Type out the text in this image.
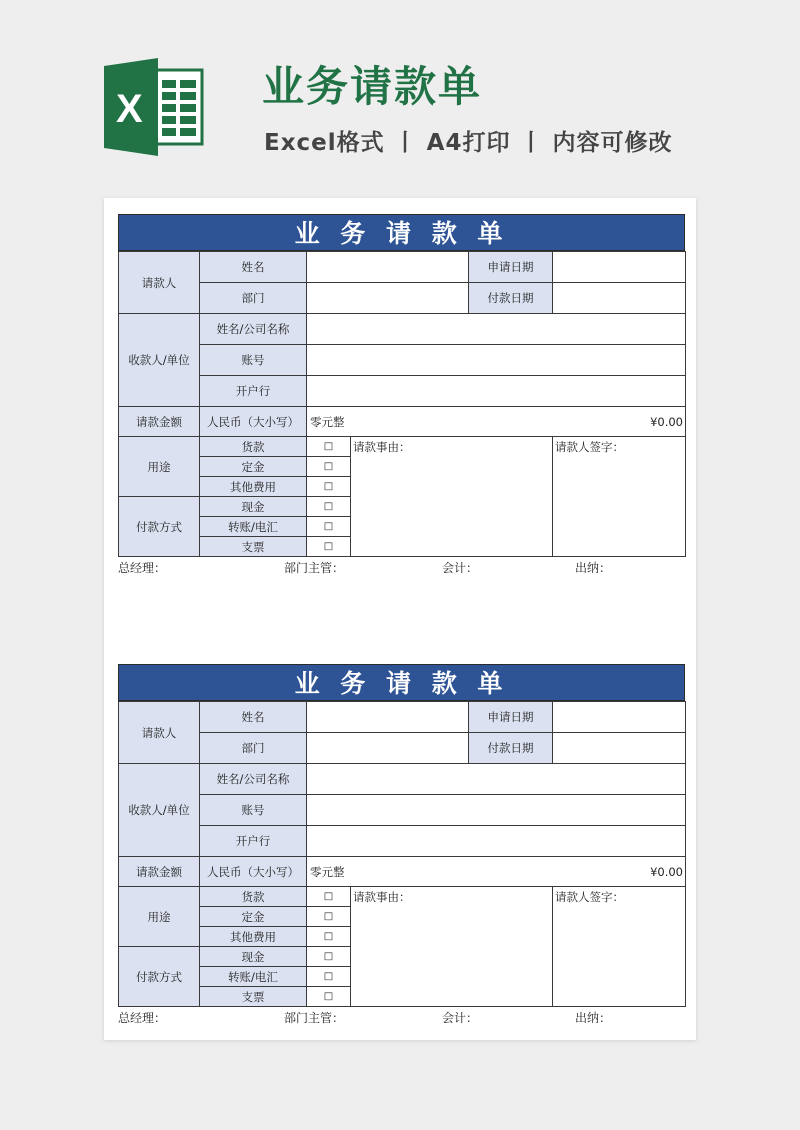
X	业务请款单
Excel格式 丨 A4打印 丨 内容可修改
业 务 请 款 单
请款人	姓名			申请日期	
	部门			付款日期	
收款人/单位	姓名/公司名称				
	账号				
	开户行				
请款金额	人民币（大小写）	零元整			¥0.00
用途	货款	□	请款事由：		请款人签字：
	定金	□			
	其他费用	□			
付款方式	现金	□			
	转账/电汇	□			
	支票	□			
总经理：	部门主管：	会计：	出纳：
业 务 请 款 单
请款人	姓名			申请日期	
	部门			付款日期	
收款人/单位	姓名/公司名称				
	账号				
	开户行				
请款金额	人民币（大小写）	零元整			¥0.00
用途	货款	□	请款事由：		请款人签字：
	定金	□			
	其他费用	□			
付款方式	现金	□			
	转账/电汇	□			
	支票	□			
总经理：	部门主管：	会计：	出纳：
